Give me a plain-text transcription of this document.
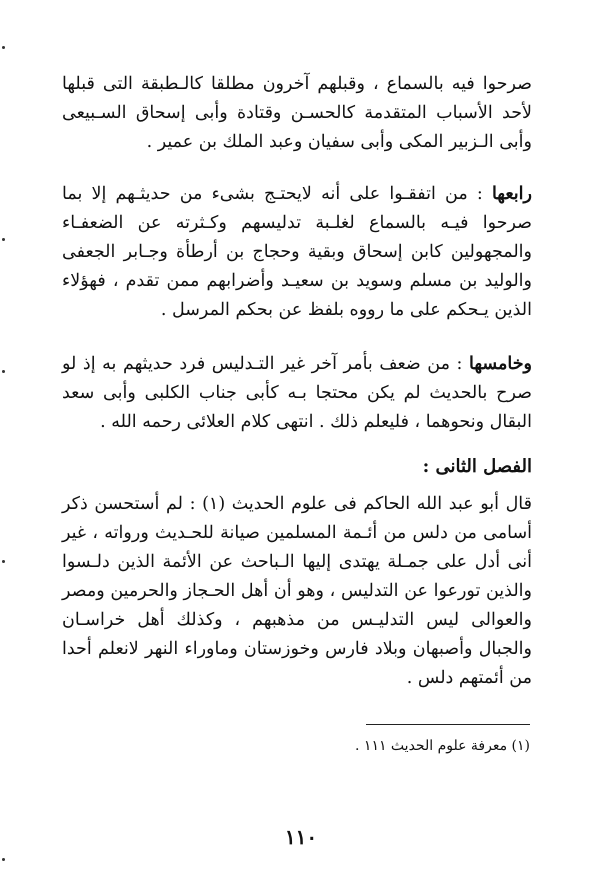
صرحوا فيه بالسماع ، وقبلهم آخرون مطلقا كالـطبقة التى قبلها لأحد الأسباب المتقدمة كالحسـن وقتادة وأبى إسحاق السـبيعى وأبى الـزبير المكى وأبى سفيان وعبد الملك بن عمير .

رابعها : من اتفقـوا على أنه لايحتـج بشىء من حديثـهم إلا بما صرحوا فيـه بالسماع لغلـبة تدليسهم وكـثرته عن الضعفـاء والمجهولين كابن إسحاق وبقية وحجاج بن أرطأة وجـابر الجعفى والوليد بن مسلم وسويد بن سعيـد وأضرابهم ممن تقدم ، فهؤلاء الذين يـحكم على ما رووه بلفظ عن بحكم المرسل .

وخامسها : من ضعف بأمر آخر غير التـدليس فرد حديثهم به إذ لو صرح بالحديث لم يكن محتجا بـه كأبى جناب الكلبى وأبى سعد البقال ونحوهما ، فليعلم ذلك . انتهى كلام العلائى رحمه الله .

الفصل الثانى :

قال أبو عبد الله الحاكم فى علوم الحديث (١) : لم أستحسن ذكر أسامى من دلس من أئـمة المسلمين صيانة للحـديث ورواته ، غير أنى أدل على جمـلة يهتدى إليها الـباحث عن الأئمة الذين دلـسوا والذين تورعوا عن التدليس ، وهو أن أهل الحـجاز والحرمين ومصر والعوالى ليس التدليـس من مذهبهم ، وكذلك أهل خراسـان والجبال وأصبهان وبلاد فارس وخوزستان وماوراء النهر لانعلم أحدا من أئمتهم دلس .

(١) معرفة علوم الحديث ١١١ .
١١٠
